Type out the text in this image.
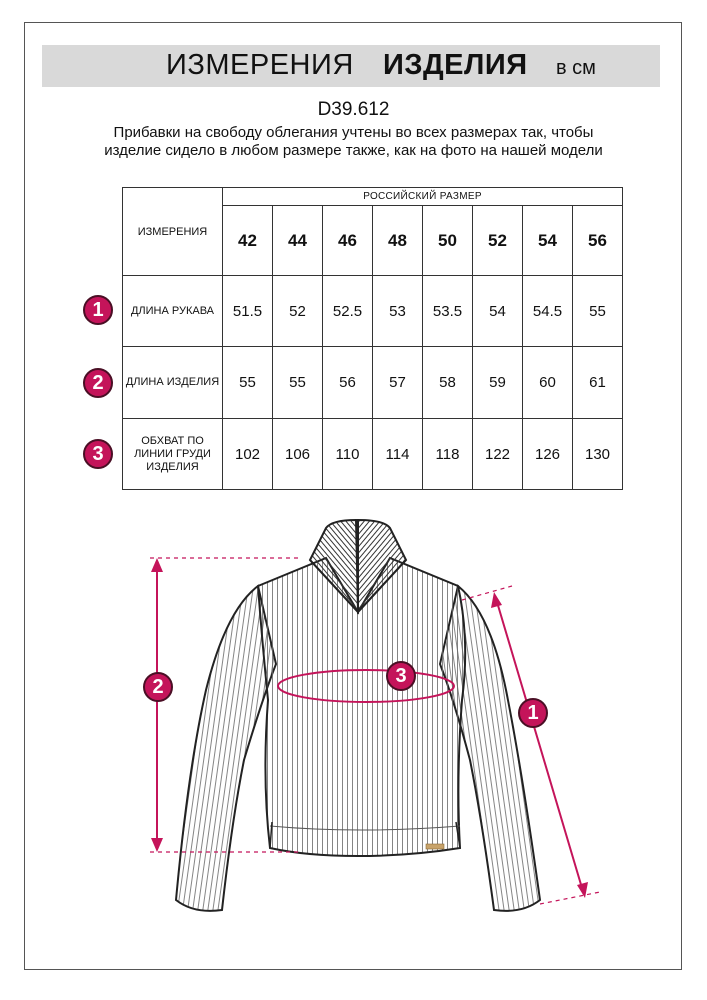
ИЗМЕРЕНИЯ ИЗДЕЛИЯ в см
D39.612
Прибавки на свободу облегания учтены во всех размерах так, чтобы изделие сидело в любом размере также, как на фото на нашей модели
ИЗМЕРЕНИЯ	РОССИЙСКИЙ РАЗМЕР							
	42	44	46	48	50	52	54	56
ДЛИНА РУКАВА	51.5	52	52.5	53	53.5	54	54.5	55
ДЛИНА ИЗДЕЛИЯ	55	55	56	57	58	59	60	61
ОБХВАТ ПО ЛИНИИ ГРУДИ ИЗДЕЛИЯ	102	106	110	114	118	122	126	130
1
2
3
2	3
1
